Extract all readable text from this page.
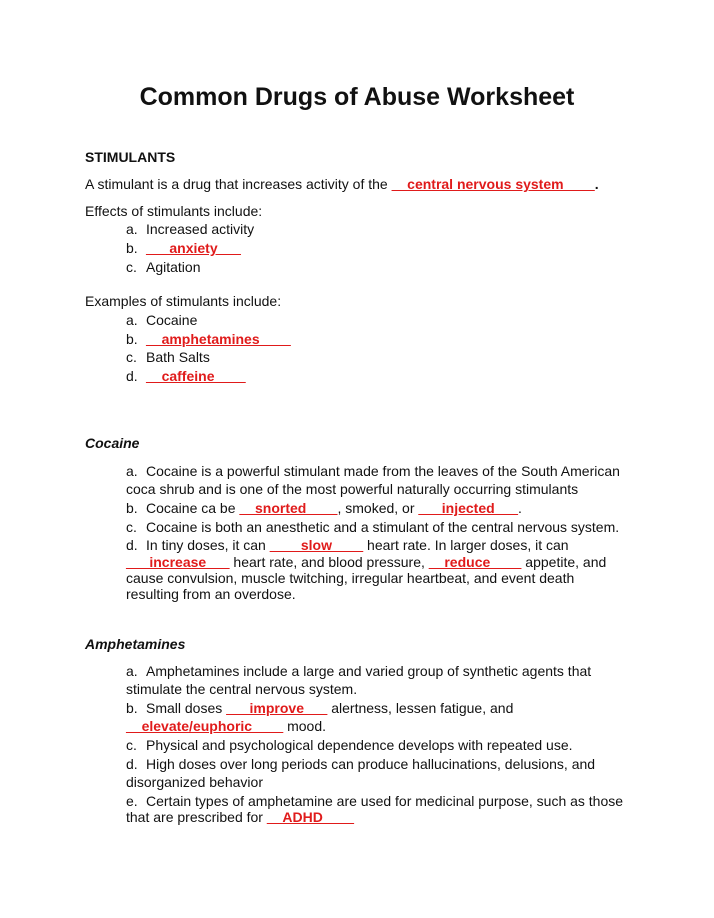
Common Drugs of Abuse Worksheet
STIMULANTS
A stimulant is a drug that increases activity of the __central nervous system____.
Effects of stimulants include:
a. Increased activity
b. ___anxiety___
c. Agitation
Examples of stimulants include:
a. Cocaine
b. __amphetamines____
c. Bath Salts
d. __caffeine____
Cocaine
a. Cocaine is a powerful stimulant made from the leaves of the South American
coca shrub and is one of the most powerful naturally occurring stimulants
b. Cocaine ca be __snorted____, smoked, or ___injected___.
c. Cocaine is both an anesthetic and a stimulant of the central nervous system.
d. In tiny doses, it can ____slow____ heart rate. In larger doses, it can
___increase___ heart rate, and blood pressure, __reduce____ appetite, and
cause convulsion, muscle twitching, irregular heartbeat, and event death
resulting from an overdose.
Amphetamines
a. Amphetamines include a large and varied group of synthetic agents that
stimulate the central nervous system.
b. Small doses ___improve___ alertness, lessen fatigue, and
__elevate/euphoric____ mood.
c. Physical and psychological dependence develops with repeated use.
d. High doses over long periods can produce hallucinations, delusions, and
disorganized behavior
e. Certain types of amphetamine are used for medicinal purpose, such as those
that are prescribed for __ADHD____
